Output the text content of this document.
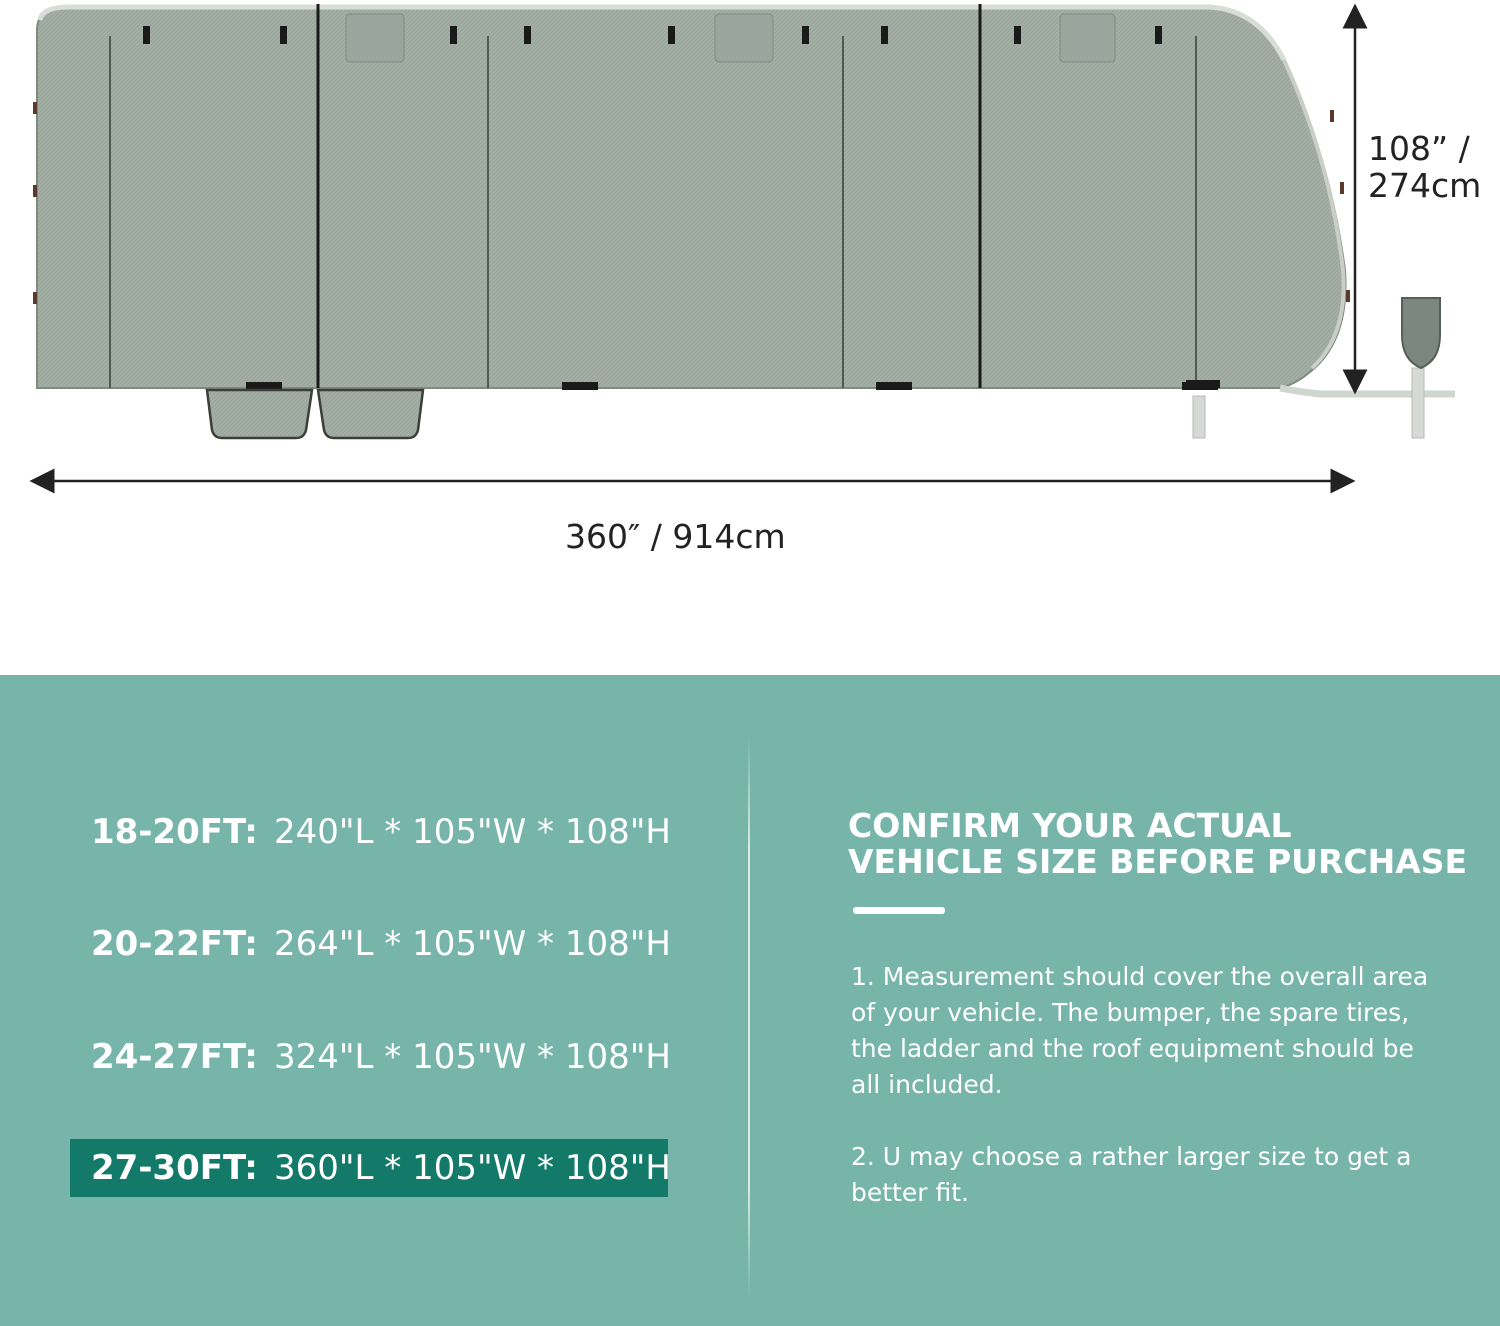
108” /
274cm
360″ / 914cm
18-20FT: 240"L * 105"W * 108"H
20-22FT: 264"L * 105"W * 108"H
24-27FT: 324"L * 105"W * 108"H
27-30FT: 360"L * 105"W * 108"H
CONFIRM YOUR ACTUAL
VEHICLE SIZE BEFORE PURCHASE
1. Measurement should cover the overall area of your vehicle. The bumper, the spare tires, the ladder and the roof equipment should be all included.
2. U may choose a rather larger size to get a better fit.
